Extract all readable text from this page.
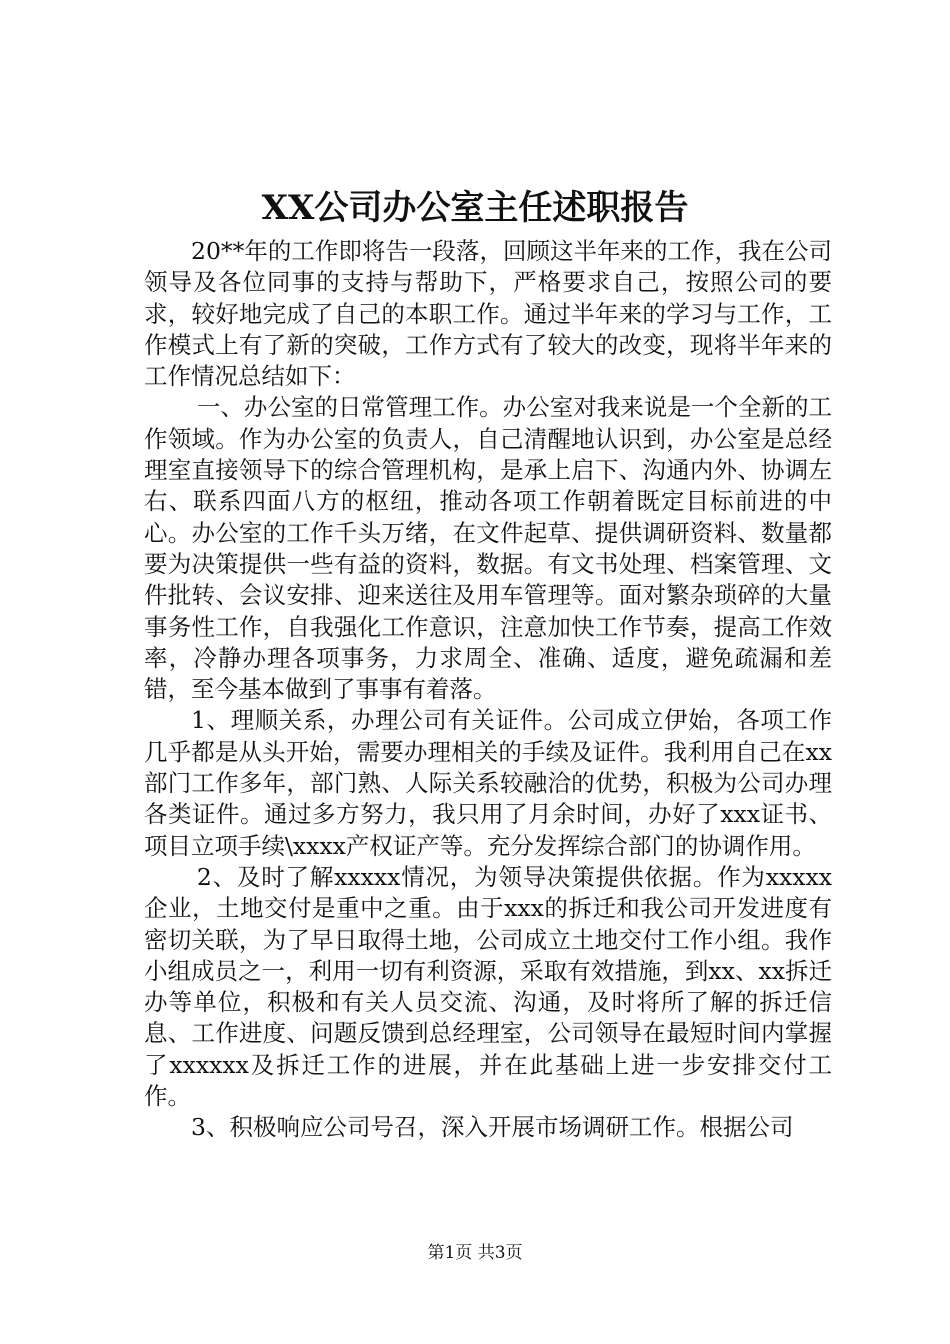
XX公司办公室主任述职报告

20**年的工作即将告一段落，回顾这半年来的工作，我在公司领导及各位同事的支持与帮助下，严格要求自己，按照公司的要求，较好地完成了自己的本职工作。通过半年来的学习与工作，工作模式上有了新的突破，工作方式有了较大的改变，现将半年来的工作情况总结如下：

一、办公室的日常管理工作。办公室对我来说是一个全新的工作领域。作为办公室的负责人，自己清醒地认识到，办公室是总经理室直接领导下的综合管理机构，是承上启下、沟通内外、协调左右、联系四面八方的枢纽，推动各项工作朝着既定目标前进的中心。办公室的工作千头万绪，在文件起草、提供调研资料、数量都要为决策提供一些有益的资料，数据。有文书处理、档案管理、文件批转、会议安排、迎来送往及用车管理等。面对繁杂琐碎的大量事务性工作，自我强化工作意识，注意加快工作节奏，提高工作效率，冷静办理各项事务，力求周全、准确、适度，避免疏漏和差错，至今基本做到了事事有着落。

1、理顺关系，办理公司有关证件。公司成立伊始，各项工作几乎都是从头开始，需要办理相关的手续及证件。我利用自己在xx部门工作多年，部门熟、人际关系较融洽的优势，积极为公司办理各类证件。通过多方努力，我只用了月余时间，办好了xxx证书、项目立项手续\xxxx产权证产等。充分发挥综合部门的协调作用。

2、及时了解xxxxx情况，为领导决策提供依据。作为xxxxx企业，土地交付是重中之重。由于xxx的拆迁和我公司开发进度有密切关联，为了早日取得土地，公司成立土地交付工作小组。我作小组成员之一，利用一切有利资源，采取有效措施，到xx、xx拆迁办等单位，积极和有关人员交流、沟通，及时将所了解的拆迁信息、工作进度、问题反馈到总经理室，公司领导在最短时间内掌握了xxxxxx及拆迁工作的进展，并在此基础上进一步安排交付工作。

3、积极响应公司号召，深入开展市场调研工作。根据公司

第1页 共3页
